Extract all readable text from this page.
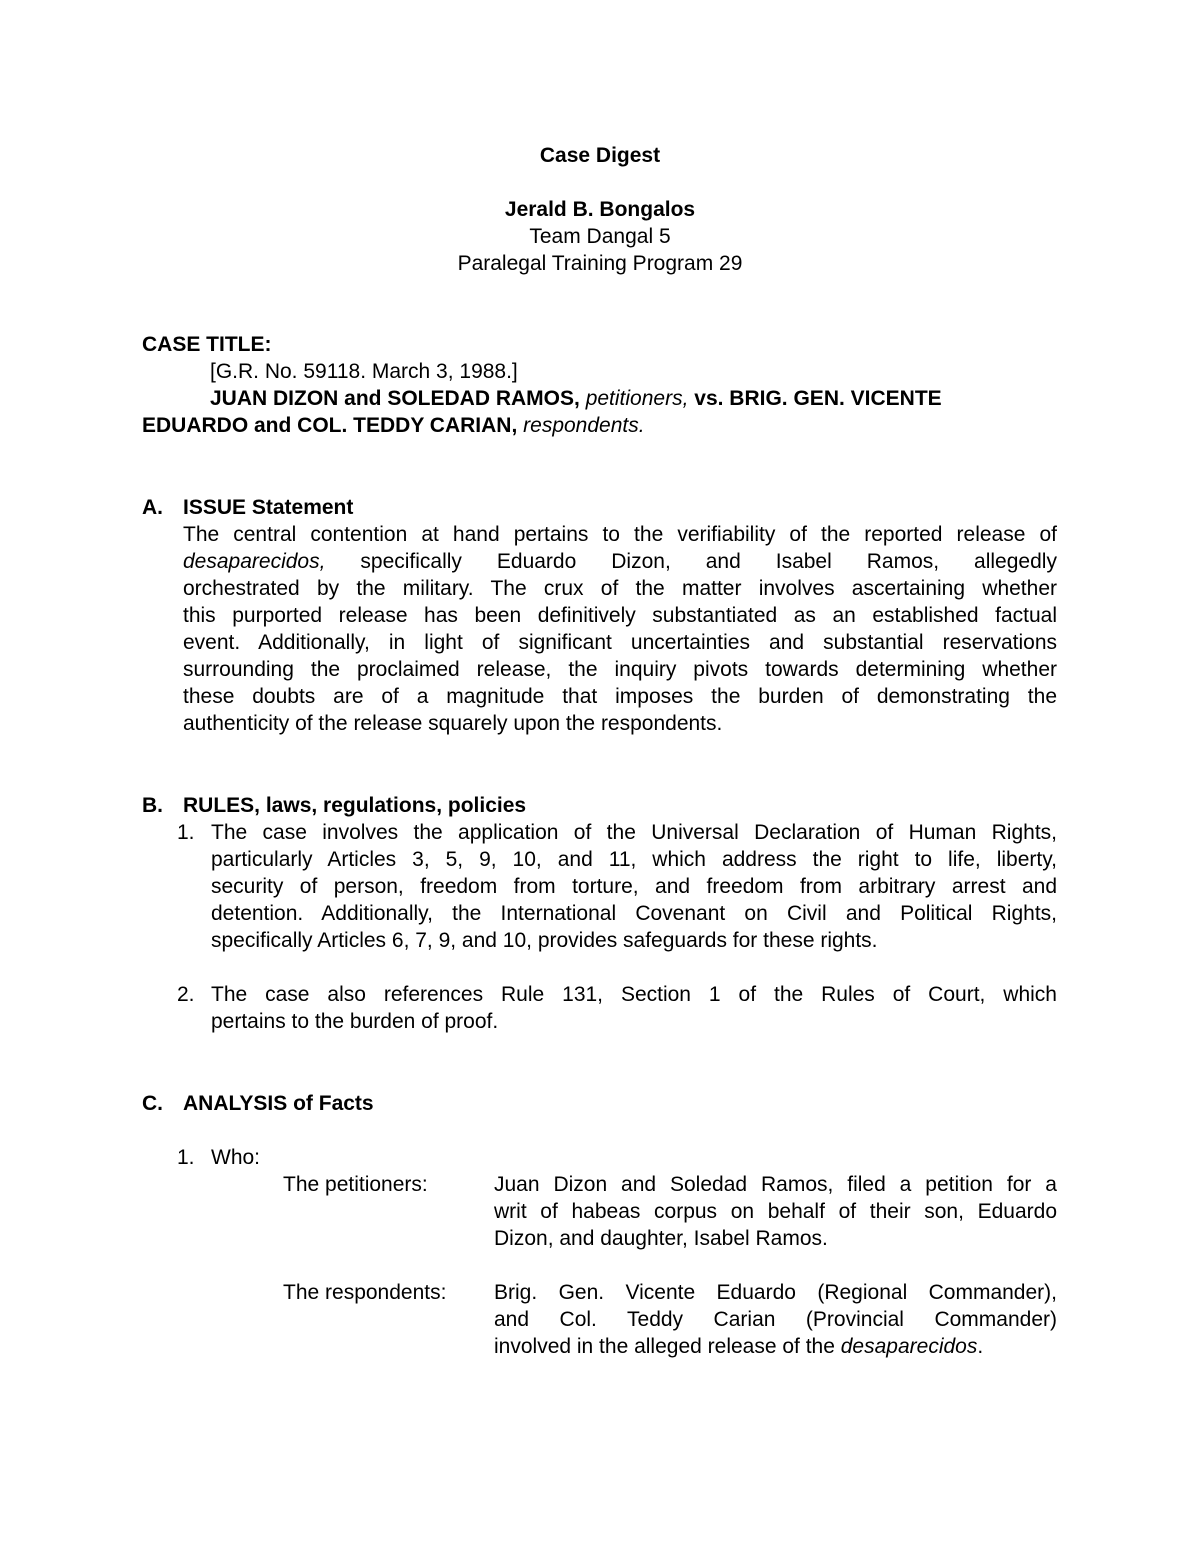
Case Digest
Jerald B. Bongalos
Team Dangal 5
Paralegal Training Program 29
CASE TITLE:
[G.R. No. 59118. March 3, 1988.]
JUAN DIZON and SOLEDAD RAMOS, petitioners, vs. BRIG. GEN. VICENTE
EDUARDO and COL. TEDDY CARIAN, respondents.
A. ISSUE Statement
The central contention at hand pertains to the verifiability of the reported release of
desaparecidos, specifically Eduardo Dizon, and Isabel Ramos, allegedly
orchestrated by the military. The crux of the matter involves ascertaining whether
this purported release has been definitively substantiated as an established factual
event. Additionally, in light of significant uncertainties and substantial reservations
surrounding the proclaimed release, the inquiry pivots towards determining whether
these doubts are of a magnitude that imposes the burden of demonstrating the
authenticity of the release squarely upon the respondents.
B. RULES, laws, regulations, policies
1. The case involves the application of the Universal Declaration of Human Rights,
particularly Articles 3, 5, 9, 10, and 11, which address the right to life, liberty,
security of person, freedom from torture, and freedom from arbitrary arrest and
detention. Additionally, the International Covenant on Civil and Political Rights,
specifically Articles 6, 7, 9, and 10, provides safeguards for these rights.
2. The case also references Rule 131, Section 1 of the Rules of Court, which
pertains to the burden of proof.
C. ANALYSIS of Facts
1. Who:
The petitioners:	Juan Dizon and Soledad Ramos, filed a petition for a
writ of habeas corpus on behalf of their son, Eduardo
Dizon, and daughter, Isabel Ramos.
The respondents: Brig. Gen. Vicente Eduardo (Regional Commander),
and Col. Teddy Carian (Provincial Commander)
involved in the alleged release of the desaparecidos.
